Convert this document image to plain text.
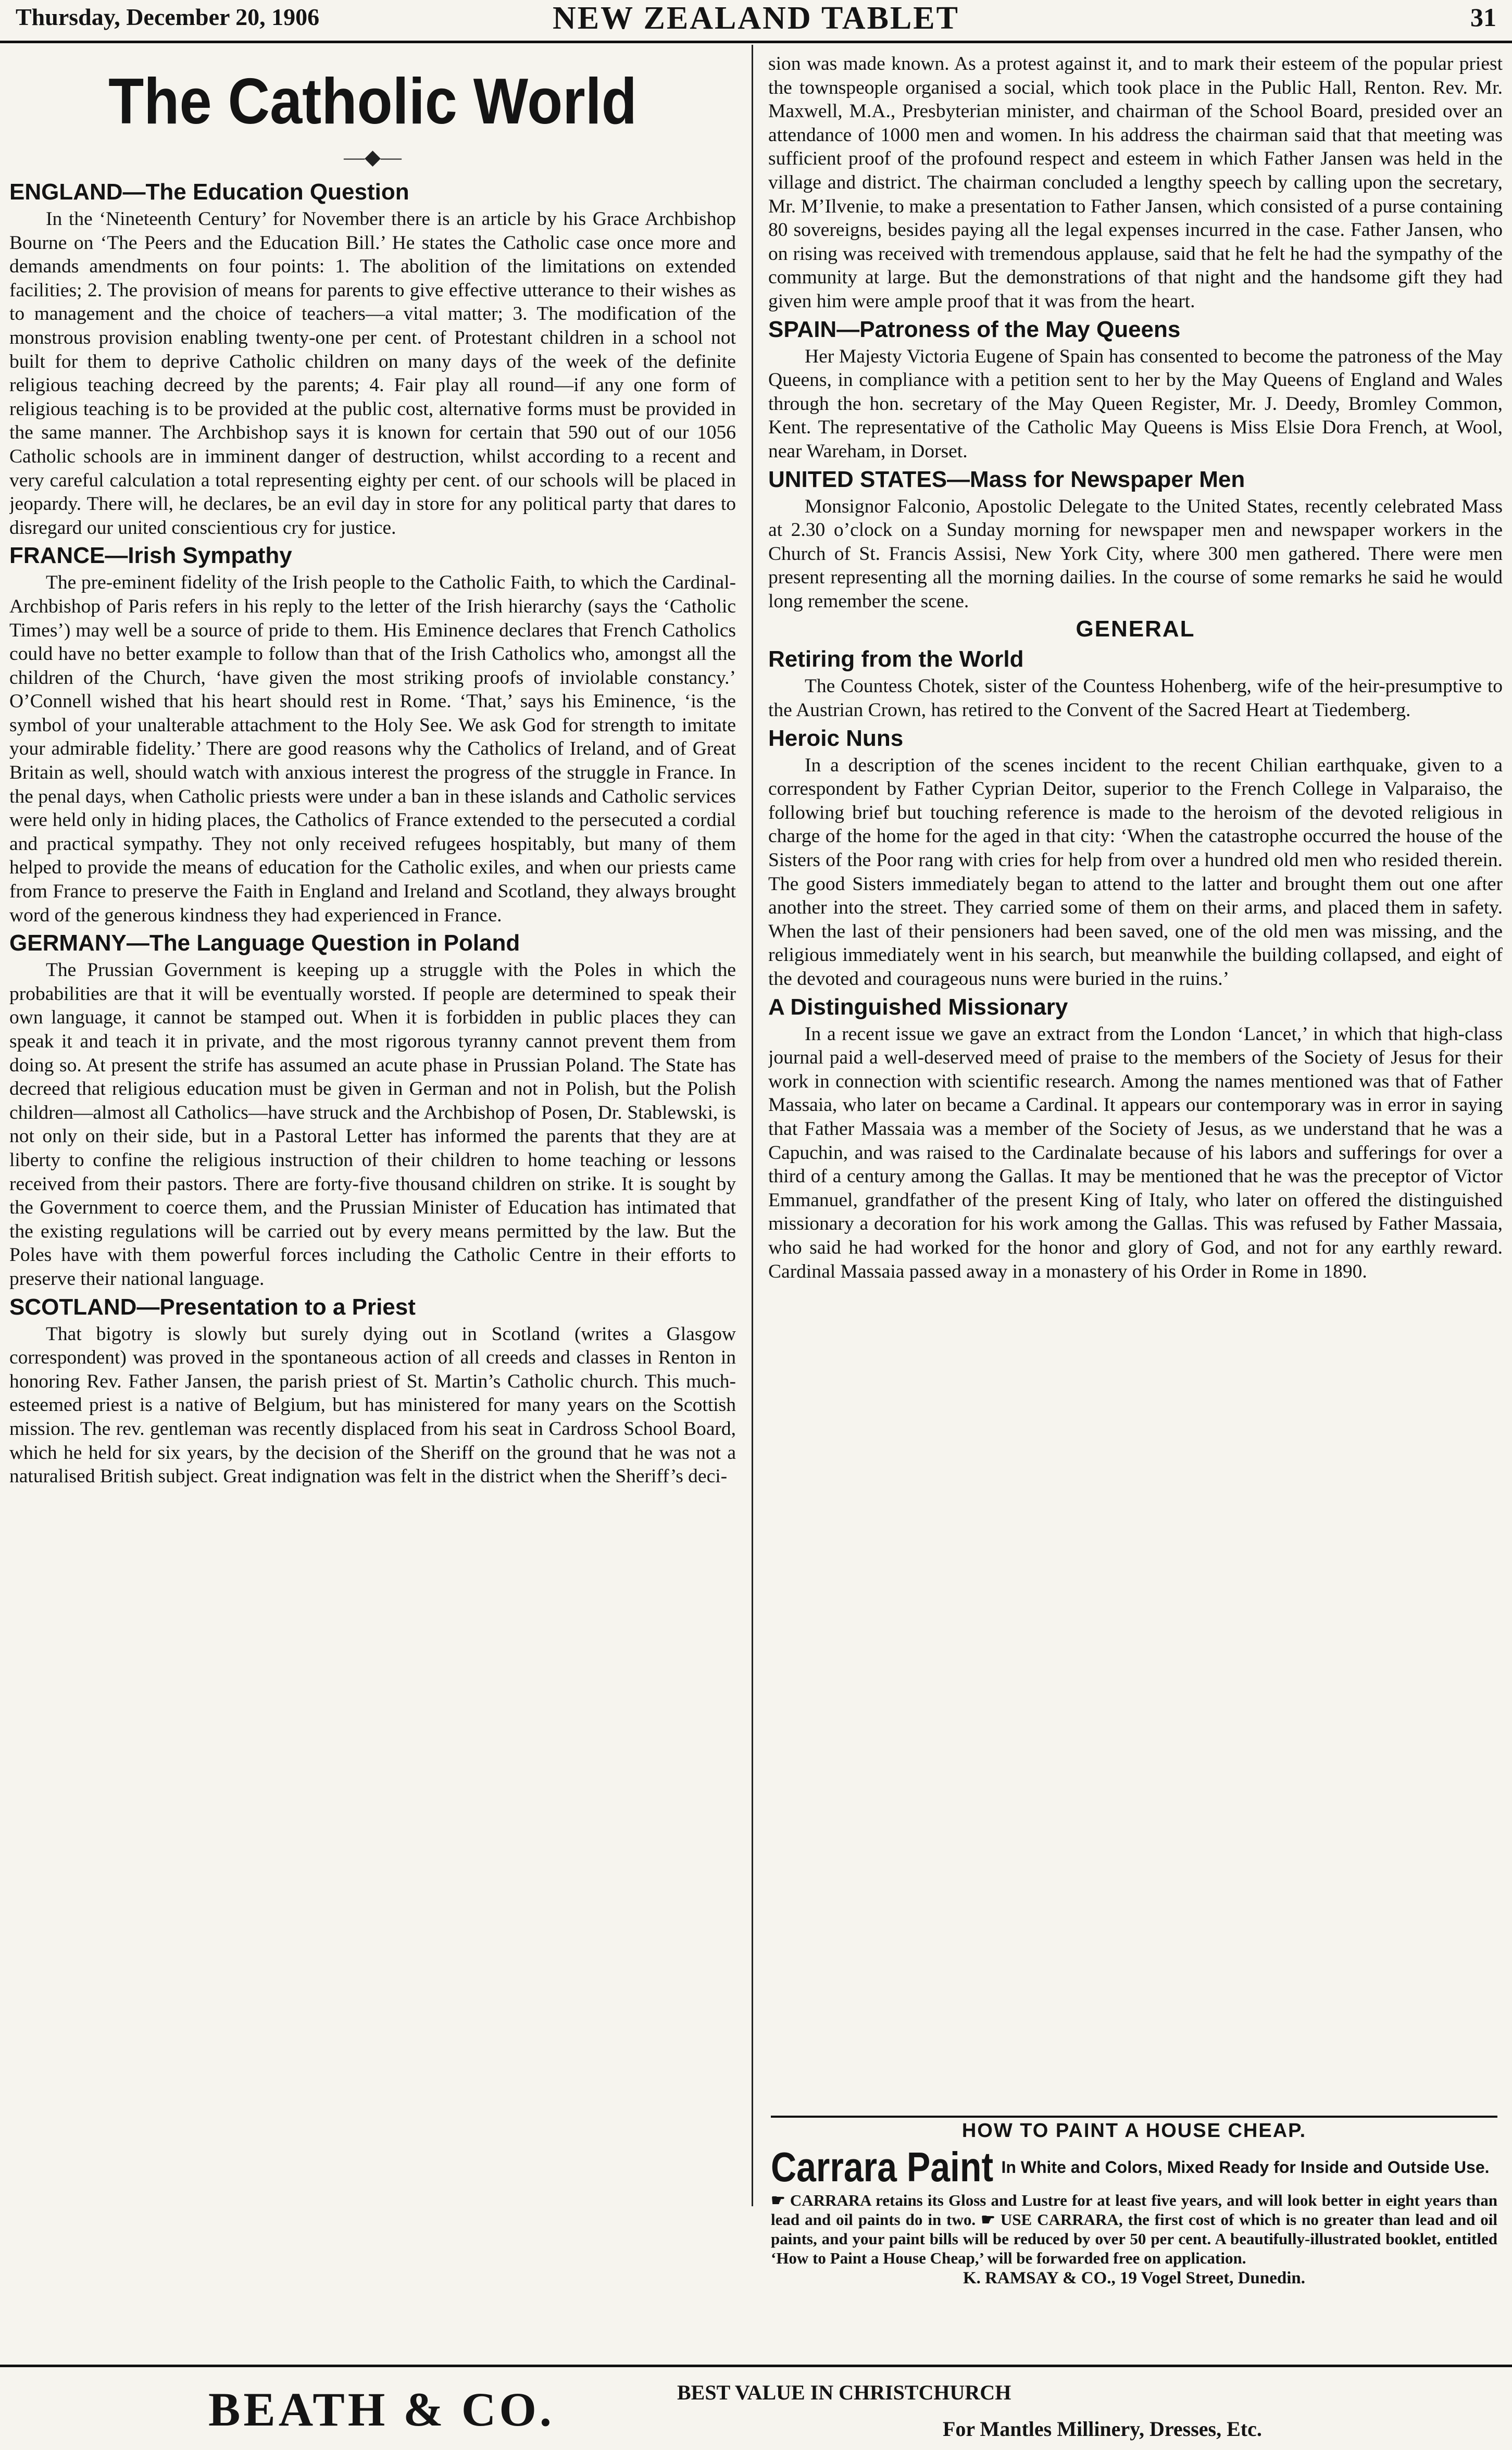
Thursday, December 20, 1906	NEW ZEALAND TABLET	31
The Catholic World
—◆—
ENGLAND—The Education Question

In the ‘Nineteenth Century’ for November there is an article by his Grace Archbishop Bourne on ‘The Peers and the Education Bill.’ He states the Catholic case once more and demands amendments on four points: 1. The abolition of the limitations on extended facilities; 2. The provision of means for parents to give effective utterance to their wishes as to management and the choice of teachers—a vital matter; 3. The modification of the monstrous provision enabling twenty-one per cent. of Protestant children in a school not built for them to deprive Catholic children on many days of the week of the definite religious teaching decreed by the parents; 4. Fair play all round—if any one form of religious teaching is to be provided at the public cost, alternative forms must be provided in the same manner. The Archbishop says it is known for certain that 590 out of our 1056 Catholic schools are in imminent danger of destruction, whilst according to a recent and very careful calculation a total representing eighty per cent. of our schools will be placed in jeopardy. There will, he declares, be an evil day in store for any political party that dares to disregard our united conscientious cry for justice.

FRANCE—Irish Sympathy

The pre-eminent fidelity of the Irish people to the Catholic Faith, to which the Cardinal-Archbishop of Paris refers in his reply to the letter of the Irish hierarchy (says the ‘Catholic Times’) may well be a source of pride to them. His Eminence declares that French Catholics could have no better example to follow than that of the Irish Catholics who, amongst all the children of the Church, ‘have given the most striking proofs of inviolable constancy.’ O’Connell wished that his heart should rest in Rome. ‘That,’ says his Eminence, ‘is the symbol of your unalterable attachment to the Holy See. We ask God for strength to imitate your admirable fidelity.’ There are good reasons why the Catholics of Ireland, and of Great Britain as well, should watch with anxious interest the progress of the struggle in France. In the penal days, when Catholic priests were under a ban in these islands and Catholic services were held only in hiding places, the Catholics of France extended to the persecuted a cordial and practical sympathy. They not only received refugees hospitably, but many of them helped to provide the means of education for the Catholic exiles, and when our priests came from France to preserve the Faith in England and Ireland and Scotland, they always brought word of the generous kindness they had experienced in France.

GERMANY—The Language Question in Poland

The Prussian Government is keeping up a struggle with the Poles in which the probabilities are that it will be eventually worsted. If people are determined to speak their own language, it cannot be stamped out. When it is forbidden in public places they can speak it and teach it in private, and the most rigorous tyranny cannot prevent them from doing so. At present the strife has assumed an acute phase in Prussian Poland. The State has decreed that religious education must be given in German and not in Polish, but the Polish children—almost all Catholics—have struck and the Archbishop of Posen, Dr. Stablewski, is not only on their side, but in a Pastoral Letter has informed the parents that they are at liberty to confine the religious instruction of their children to home teaching or lessons received from their pastors. There are forty-five thousand children on strike. It is sought by the Government to coerce them, and the Prussian Minister of Education has intimated that the existing regulations will be carried out by every means permitted by the law. But the Poles have with them powerful forces including the Catholic Centre in their efforts to preserve their national language.

SCOTLAND—Presentation to a Priest

That bigotry is slowly but surely dying out in Scotland (writes a Glasgow correspondent) was proved in the spontaneous action of all creeds and classes in Renton in honoring Rev. Father Jansen, the parish priest of St. Martin’s Catholic church. This much-esteemed priest is a native of Belgium, but has ministered for many years on the Scottish mission. The rev. gentleman was recently displaced from his seat in Cardross School Board, which he held for six years, by the decision of the Sheriff on the ground that he was not a naturalised British subject. Great indignation was felt in the district when the Sheriff’s deci-

sion was made known. As a protest against it, and to mark their esteem of the popular priest the townspeople organised a social, which took place in the Public Hall, Renton. Rev. Mr. Maxwell, M.A., Presbyterian minister, and chairman of the School Board, presided over an attendance of 1000 men and women. In his address the chairman said that that meeting was sufficient proof of the profound respect and esteem in which Father Jansen was held in the village and district. The chairman concluded a lengthy speech by calling upon the secretary, Mr. M’Ilvenie, to make a presentation to Father Jansen, which consisted of a purse containing 80 sovereigns, besides paying all the legal expenses incurred in the case. Father Jansen, who on rising was received with tremendous applause, said that he felt he had the sympathy of the community at large. But the demonstrations of that night and the handsome gift they had given him were ample proof that it was from the heart.

SPAIN—Patroness of the May Queens

Her Majesty Victoria Eugene of Spain has consented to become the patroness of the May Queens, in compliance with a petition sent to her by the May Queens of England and Wales through the hon. secretary of the May Queen Register, Mr. J. Deedy, Bromley Common, Kent. The representative of the Catholic May Queens is Miss Elsie Dora French, at Wool, near Wareham, in Dorset.

UNITED STATES—Mass for Newspaper Men

Monsignor Falconio, Apostolic Delegate to the United States, recently celebrated Mass at 2.30 o’clock on a Sunday morning for newspaper men and newspaper workers in the Church of St. Francis Assisi, New York City, where 300 men gathered. There were men present representing all the morning dailies. In the course of some remarks he said he would long remember the scene.

GENERAL
Retiring from the World

The Countess Chotek, sister of the Countess Hohenberg, wife of the heir-presumptive to the Austrian Crown, has retired to the Convent of the Sacred Heart at Tiedemberg.

Heroic Nuns

In a description of the scenes incident to the recent Chilian earthquake, given to a correspondent by Father Cyprian Deitor, superior to the French College in Valparaiso, the following brief but touching reference is made to the heroism of the devoted religious in charge of the home for the aged in that city: ‘When the catastrophe occurred the house of the Sisters of the Poor rang with cries for help from over a hundred old men who resided therein. The good Sisters immediately began to attend to the latter and brought them out one after another into the street. They carried some of them on their arms, and placed them in safety. When the last of their pensioners had been saved, one of the old men was missing, and the religious immediately went in his search, but meanwhile the building collapsed, and eight of the devoted and courageous nuns were buried in the ruins.’

A Distinguished Missionary

In a recent issue we gave an extract from the London ‘Lancet,’ in which that high-class journal paid a well-deserved meed of praise to the members of the Society of Jesus for their work in connection with scientific research. Among the names mentioned was that of Father Massaia, who later on became a Cardinal. It appears our contemporary was in error in saying that Father Massaia was a member of the Society of Jesus, as we understand that he was a Capuchin, and was raised to the Cardinalate because of his labors and sufferings for over a third of a century among the Gallas. It may be mentioned that he was the preceptor of Victor Emmanuel, grandfather of the present King of Italy, who later on offered the distinguished missionary a decoration for his work among the Gallas. This was refused by Father Massaia, who said he had worked for the honor and glory of God, and not for any earthly reward. Cardinal Massaia passed away in a monastery of his Order in Rome in 1890.

HOW TO PAINT A HOUSE CHEAP.
Carrara Paint In White and Colors, Mixed Ready for Inside and Outside Use.
☛ CARRARA retains its Gloss and Lustre for at least five years, and will look better in eight years than lead and oil paints do in two. ☛ USE CARRARA, the first cost of which is no greater than lead and oil paints, and your paint bills will be reduced by over 50 per cent. A beautifully-illustrated booklet, entitled ‘How to Paint a House Cheap,’ will be forwarded free on application.
K. RAMSAY & CO., 19 Vogel Street, Dunedin.
BEATH & CO.	BEST VALUE IN CHRISTCHURCH
For Mantles Millinery, Dresses, Etc.
